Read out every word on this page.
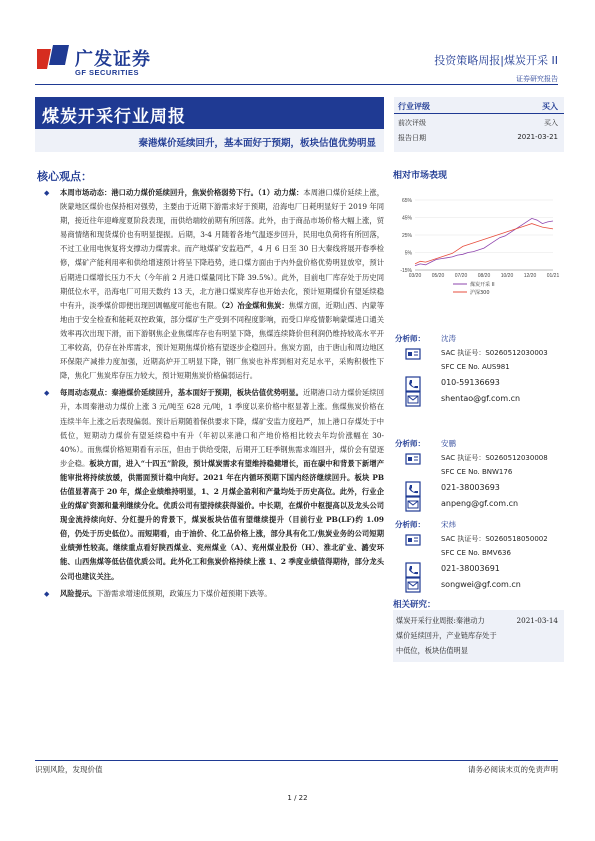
广发证券
GF SECURITIES
投资策略周报|煤炭开采 II
证券研究报告
煤炭开采行业周报
秦港煤价延续回升，基本面好于预期，板块估值优势明显
行业评级	买入
前次评级	买入
报告日期	2021-03-21
核心观点：
◆ 本周市场动态：港口动力煤价延续回升，焦炭价格弱势下行。（1）动力煤：本周港口煤价延续上涨，陕蒙地区煤价也保持相对强势，主要由于近期下游需求好于预期，沿海电厂日耗明显好于 2019 年同期，接近往年迎峰度夏阶段表现，而供给端较前期有所回落。此外，由于商品市场价格大幅上涨，贸易商情绪和现货煤价也有明显提振。后期，3-4 月随着各地气温逐步回升，民用电负荷将有所回落，不过工业用电恢复将支撑动力煤需求。而产地煤矿安监趋严，4 月 6 日至 30 日大秦线将展开春季检修，煤矿产能利用率和供给增速预计将呈下降趋势，进口煤方面由于内外盘价格优势明显放窄，预计后期进口煤增长压力不大（今年前 2 月进口煤量同比下降 39.5%）。此外，目前电厂库存处于历史同期低位水平，沿海电厂可用天数约 13 天，北方港口煤炭库存也开始去化，预计短期煤价有望延续稳中有升，淡季煤价即便出现回调幅度可能也有限。（2）冶金煤和焦炭：焦煤方面，近期山西、内蒙等地由于安全检查和能耗双控政策，部分煤矿生产受到不同程度影响，而受口岸疫情影响蒙煤进口通关效率再次出现下滑，而下游钢焦企业焦煤库存也有明显下降，焦煤连续降价但利润仍维持较高水平开工率较高，仍存在补库需求，预计短期焦煤价格有望逐步企稳回升。焦炭方面，由于唐山和周边地区环保限产减排力度加强，近期高炉开工明显下降，钢厂焦炭也补库到相对充足水平，采购积极性下降，焦化厂焦炭库存压力较大，预计短期焦炭价格偏弱运行。
◆ 每周动态观点：秦港煤价延续回升，基本面好于预期，板块估值优势明显。近期港口动力煤价延续回升，本周秦港动力煤价上涨 3 元/吨至 628 元/吨，1 季度以来价格中枢显著上涨。焦煤焦炭价格在连续半年上涨之后表现偏弱。预计后期随着保供要求下降，煤矿安监力度趋严，加上港口存煤处于中低位，短期动力煤价有望延续稳中有升（年初以来港口和产地价格相比较去年均价涨幅在 30-40%）。而焦煤价格短期看有示压，但由于供给受限，后期开工旺季钢焦需求端回升，煤价会有望逐步企稳。板块方面，进入“十四五”阶段，预计煤炭需求有望维持稳健增长，而在碳中和背景下新增产能审批将持续放缓，供需面预计稳中向好。2021 年在内循环预期下国内经济继续回升。板块 PB 估值显著高于 20 年，煤企业绩维持明显，1、2 月煤企盈利和产量均处于历史高位。此外，行业企业的煤矿资源和量利继续分化。优质公司有望持续获得溢价。中长期，在煤价中枢提高以及龙头公司现金流持续向好、分红提升的背景下，煤炭板块估值有望继续提升（目前行业 PB(LF)约 1.09 倍，仍处于历史低位）。而短期看，由于油价、化工品价格上涨，部分具有化工/焦炭业务的公司短期业绩弹性较高。继续重点看好陕西煤业、兖州煤业（A）、兖州煤业股份（H）、淮北矿业、潞安环能、山西焦煤等低估值优质公司。此外化工和焦炭价格持续上涨 1、2 季度业绩值得期待，部分龙头公司也建议关注。
◆ 风险提示。下游需求增速低预期，政策压力下煤价超预期下跌等。
相对市场表现
65%
45%
25%
5%
-15%
03/20 05/20 07/20 08/20 10/20 12/20 01/21
煤炭开采 II
沪深300
分析师： 沈涛
SAC 执证号：S0260512030003
SFC CE No. AUS981
010-59136693
shentao@gf.com.cn
分析师： 安鹏
SAC 执证号：S0260512030008
SFC CE No. BNW176
021-38003693
anpeng@gf.com.cn
分析师： 宋炜
SAC 执证号：S0260518050002
SFC CE No. BMV636
021-38003691
songwei@gf.com.cn
相关研究：
煤炭开采行业周报:秦港动力	2021-03-14
煤价延续回升，产业链库存处于
中低位，板块估值明显
识别风险，发现价值	请务必阅读末页的免责声明
1 / 22
